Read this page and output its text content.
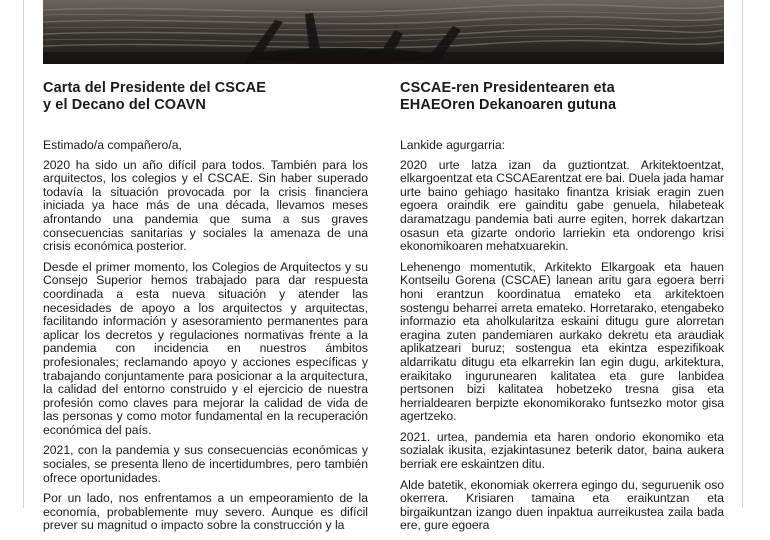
Carta del Presidente del CSCAE
y el Decano del COAVN

Estimado/a compañero/a,

2020 ha sido un año difícil para todos. También para los arquitectos, los colegios y el CSCAE. Sin haber superado todavía la situación provocada por la crisis financiera iniciada ya hace más de una década, llevamos meses afrontando una pandemia que suma a sus graves consecuencias sanitarias y sociales la amenaza de una crisis económica posterior.

Desde el primer momento, los Colegios de Arquitectos y su Consejo Superior hemos trabajado para dar respuesta coordinada a esta nueva situación y atender las necesidades de apoyo a los arquitectos y arquitectas, facilitando información y asesoramiento permanentes para aplicar los decretos y regulaciones normativas frente a la pandemia con incidencia en nuestros ámbitos profesionales; reclamando apoyo y acciones específicas y trabajando conjuntamente para posicionar a la arquitectura, la calidad del entorno construido y el ejercicio de nuestra profesión como claves para mejorar la calidad de vida de las personas y como motor fundamental en la recuperación económica del país.

2021, con la pandemia y sus consecuencias económicas y sociales, se presenta lleno de incertidumbres, pero también ofrece oportunidades.

Por un lado, nos enfrentamos a un empeoramiento de la economía, probablemente muy severo. Aunque es difícil prever su magnitud o impacto sobre la construcción y la

CSCAE-ren Presidentearen eta
EHAEOren Dekanoaren gutuna

Lankide agurgarria:

2020 urte latza izan da guztiontzat. Arkitektoentzat, elkargoentzat eta CSCAEarentzat ere bai. Duela jada hamar urte baino gehiago hasitako finantza krisiak eragin zuen egoera oraindik ere gainditu gabe genuela, hilabeteak daramatzagu pandemia bati aurre egiten, horrek dakartzan osasun eta gizarte ondorio larriekin eta ondorengo krisi ekonomikoaren mehatxuarekin.

Lehenengo momentutik, Arkitekto Elkargoak eta hauen Kontseilu Gorena (CSCAE) lanean aritu gara egoera berri honi erantzun koordinatua emateko eta arkitektoen sostengu beharrei arreta emateko. Horretarako, etengabeko informazio eta aholkularitza eskaini ditugu gure alorretan eragina zuten pandemiaren aurkako dekretu eta araudiak aplikatzeari buruz; sostengua eta ekintza espezifikoak aldarrikatu ditugu eta elkarrekin lan egin dugu, arkitektura, eraikitako ingurunearen kalitatea eta gure lanbidea pertsonen bizi kalitatea hobetzeko tresna gisa eta herrialdearen berpizte ekonomikorako funtsezko motor gisa agertzeko.

2021. urtea, pandemia eta haren ondorio ekonomiko eta sozialak ikusita, ezjakintasunez beterik dator, baina aukera berriak ere eskaintzen ditu.

Alde batetik, ekonomiak okerrera egingo du, seguruenik oso okerrera. Krisiaren tamaina eta eraikuntzan eta birgaikuntzan izango duen inpaktua aurreikustea zaila bada ere, gure egoera
